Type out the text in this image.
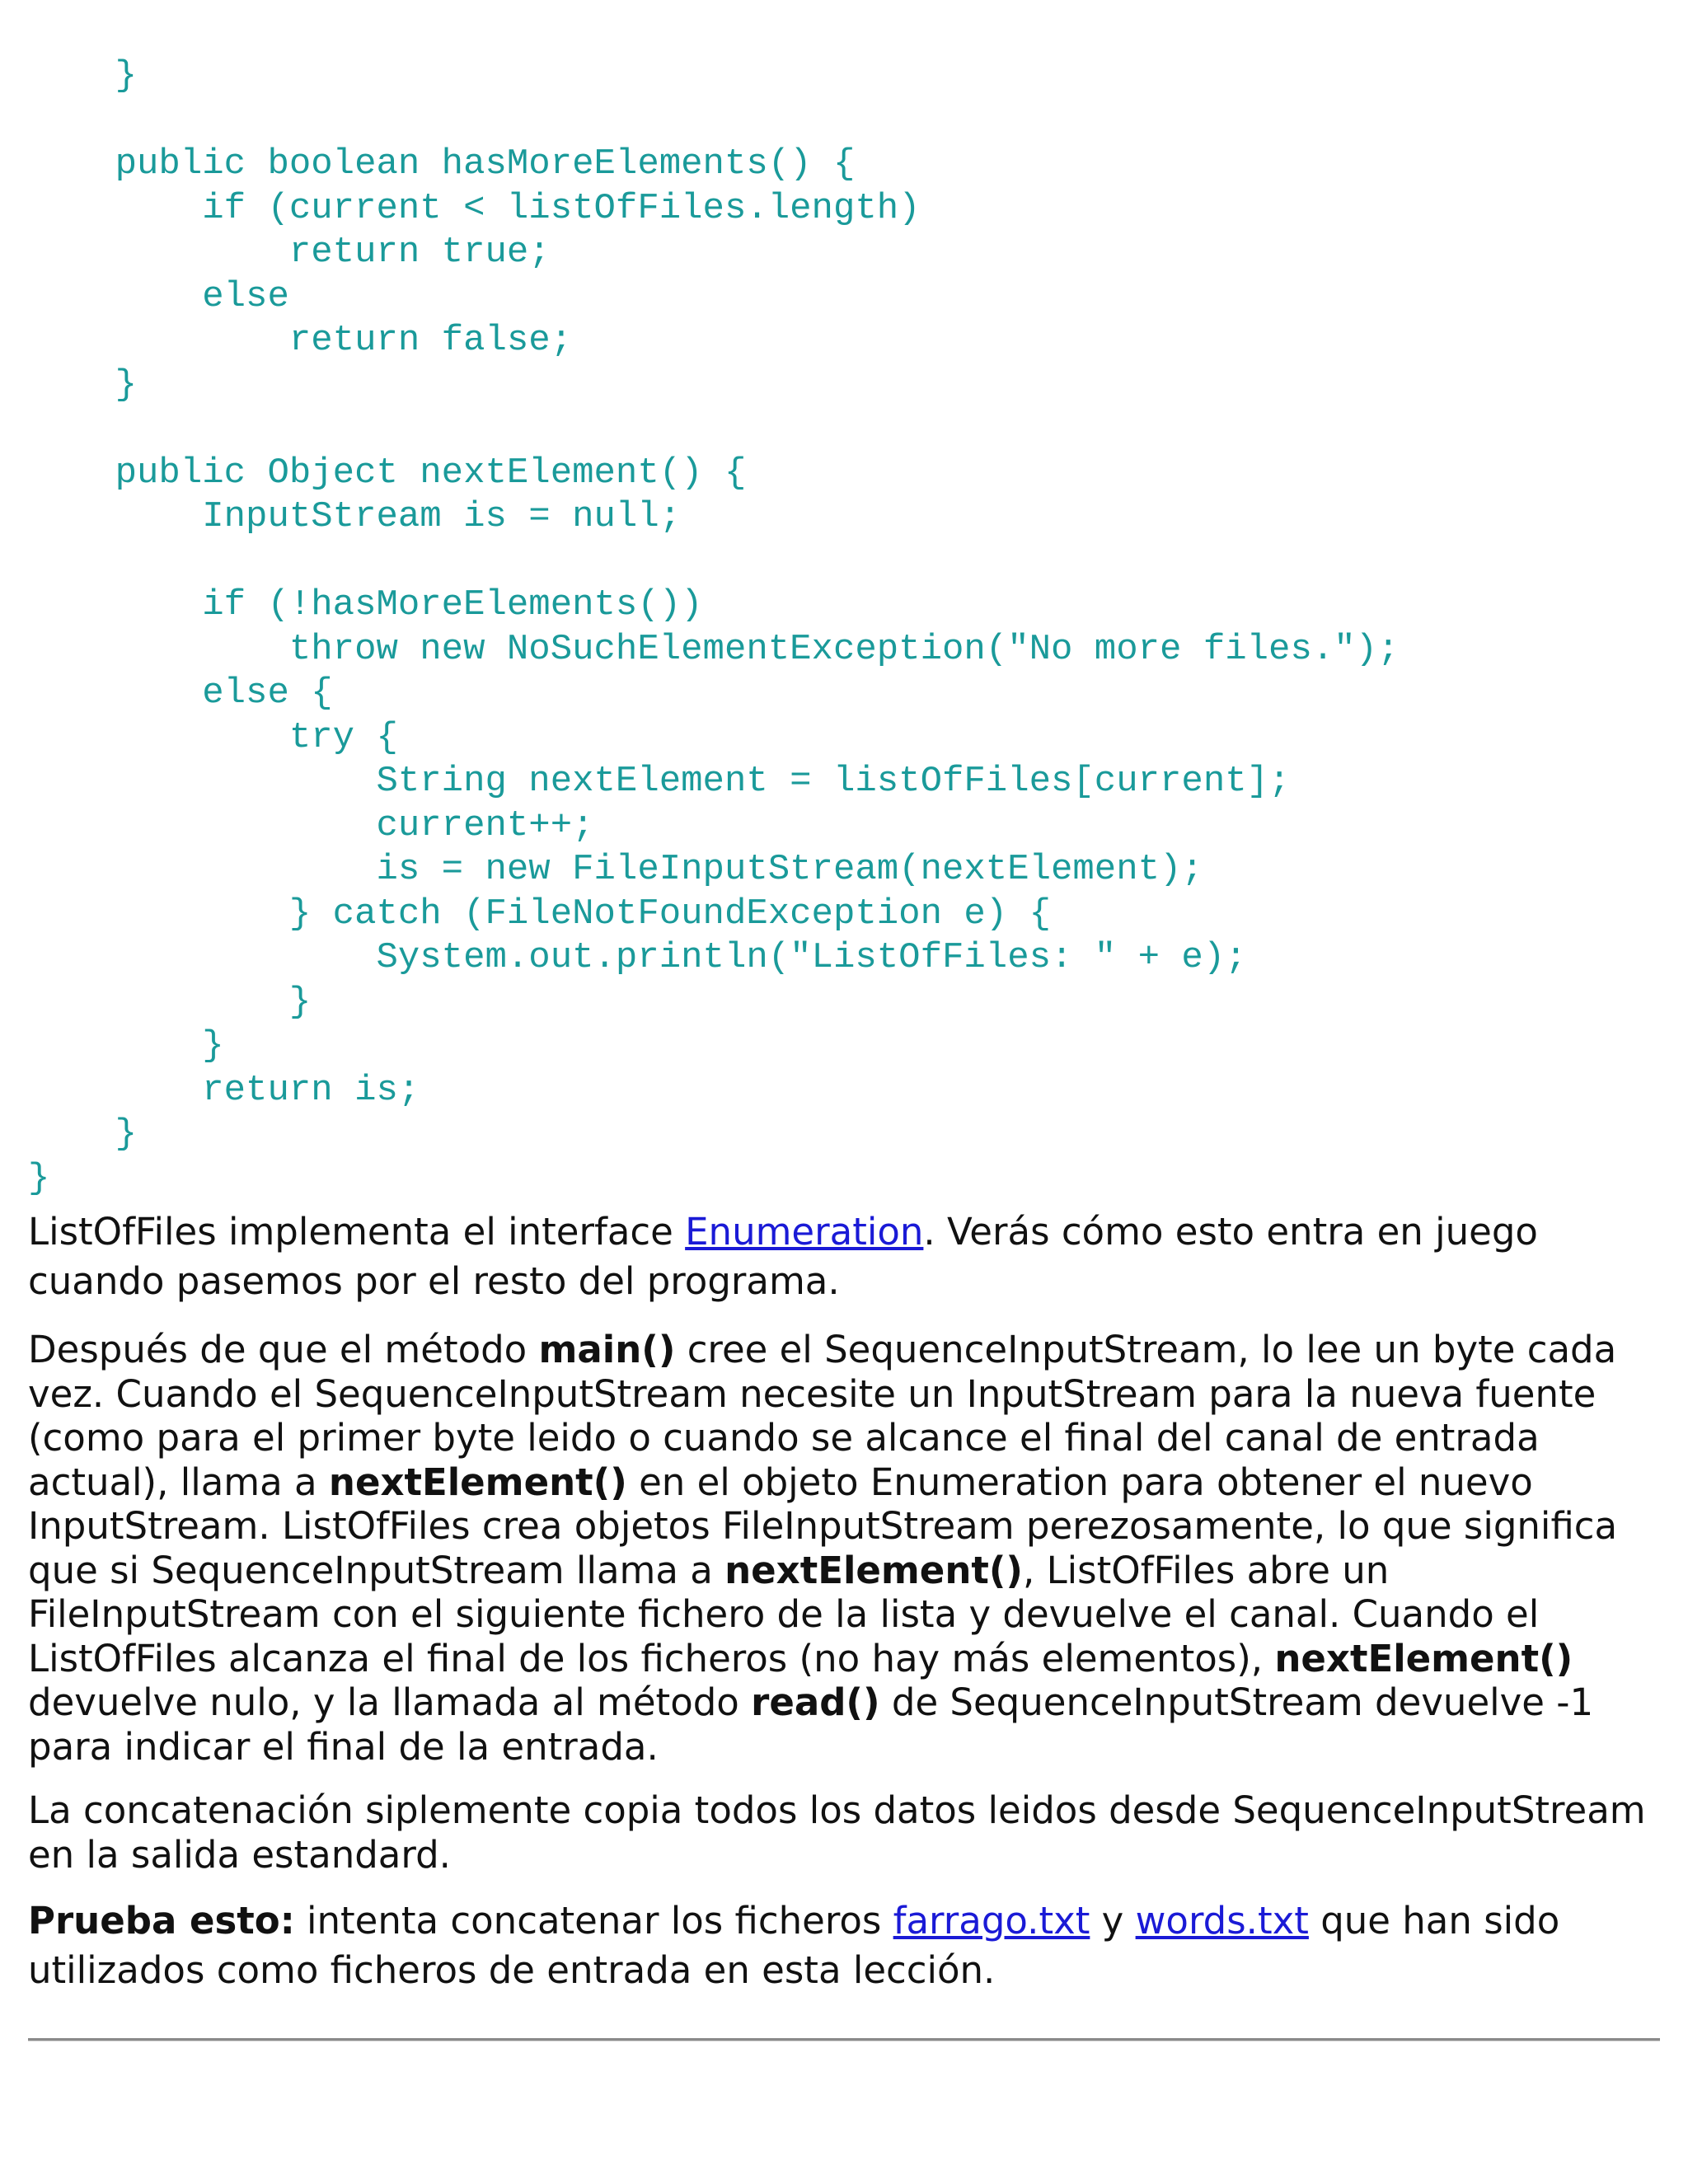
}
public boolean hasMoreElements() {
if (current < listOfFiles.length)
return true;
else
return false;
}
public Object nextElement() {
InputStream is = null;
if (!hasMoreElements())
throw new NoSuchElementException("No more files.");
else {
try {
String nextElement = listOfFiles[current];
current++;
is = new FileInputStream(nextElement);
} catch (FileNotFoundException e) {
System.out.println("ListOfFiles: " + e);
}
}
return is;
}
}

ListOfFiles implementa el interface Enumeration. Verás cómo esto entra en juego cuando pasemos por el resto del programa.

Después de que el método main() cree el SequenceInputStream, lo lee un byte cada vez. Cuando el SequenceInputStream necesite un InputStream para la nueva fuente (como para el primer byte leido o cuando se alcance el final del canal de entrada actual), llama a nextElement() en el objeto Enumeration para obtener el nuevo InputStream. ListOfFiles crea objetos FileInputStream perezosamente, lo que significa que si SequenceInputStream llama a nextElement(), ListOfFiles abre un FileInputStream con el siguiente fichero de la lista y devuelve el canal. Cuando el ListOfFiles alcanza el final de los ficheros (no hay más elementos), nextElement() devuelve nulo, y la llamada al método read() de SequenceInputStream devuelve -1 para indicar el final de la entrada.

La concatenación siplemente copia todos los datos leidos desde SequenceInputStream en la salida estandard.

Prueba esto: intenta concatenar los ficheros farrago.txt y words.txt que han sido utilizados como ficheros de entrada en esta lección.
